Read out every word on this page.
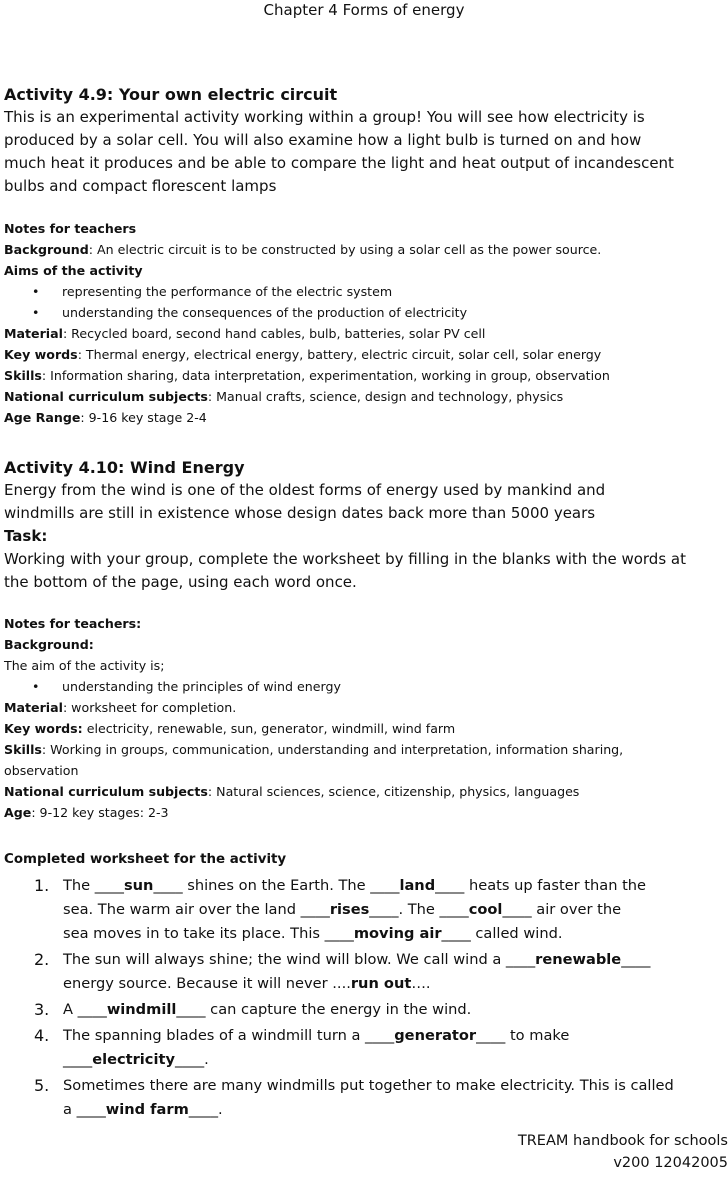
Chapter 4 Forms of energy
Activity 4.9: Your own electric circuit
This is an experimental activity working within a group! You will see how electricity is
produced by a solar cell. You will also examine how a light bulb is turned on and how
much heat it produces and be able to compare the light and heat output of incandescent
bulbs and compact florescent lamps
Notes for teachers
Background: An electric circuit is to be constructed by using a solar cell as the power source.
Aims of the activity
• representing the performance of the electric system
• understanding the consequences of the production of electricity
Material: Recycled board, second hand cables, bulb, batteries, solar PV cell
Key words: Thermal energy, electrical energy, battery, electric circuit, solar cell, solar energy
Skills: Information sharing, data interpretation, experimentation, working in group, observation
National curriculum subjects: Manual crafts, science, design and technology, physics
Age Range: 9-16 key stage 2-4
Activity 4.10: Wind Energy
Energy from the wind is one of the oldest forms of energy used by mankind and
windmills are still in existence whose design dates back more than 5000 years
Task:
Working with your group, complete the worksheet by filling in the blanks with the words at
the bottom of the page, using each word once.
Notes for teachers:
Background:
The aim of the activity is;
• understanding the principles of wind energy
Material: worksheet for completion.
Key words: electricity, renewable, sun, generator, windmill, wind farm
Skills: Working in groups, communication, understanding and interpretation, information sharing,
observation
National curriculum subjects: Natural sciences, science, citizenship, physics, languages
Age: 9-12 key stages: 2-3
Completed worksheet for the activity
1. The ____sun____ shines on the Earth. The ____land____ heats up faster than the
sea. The warm air over the land ____rises____. The ____cool____ air over the
sea moves in to take its place. This ____moving air____ called wind.
2. The sun will always shine; the wind will blow. We call wind a ____renewable____
energy source. Because it will never ....run out….
3. A ____windmill____ can capture the energy in the wind.
4. The spanning blades of a windmill turn a ____generator____ to make
____electricity____.
5. Sometimes there are many windmills put together to make electricity. This is called
a ____wind farm____.
TREAM handbook for schools
v200 12042005
